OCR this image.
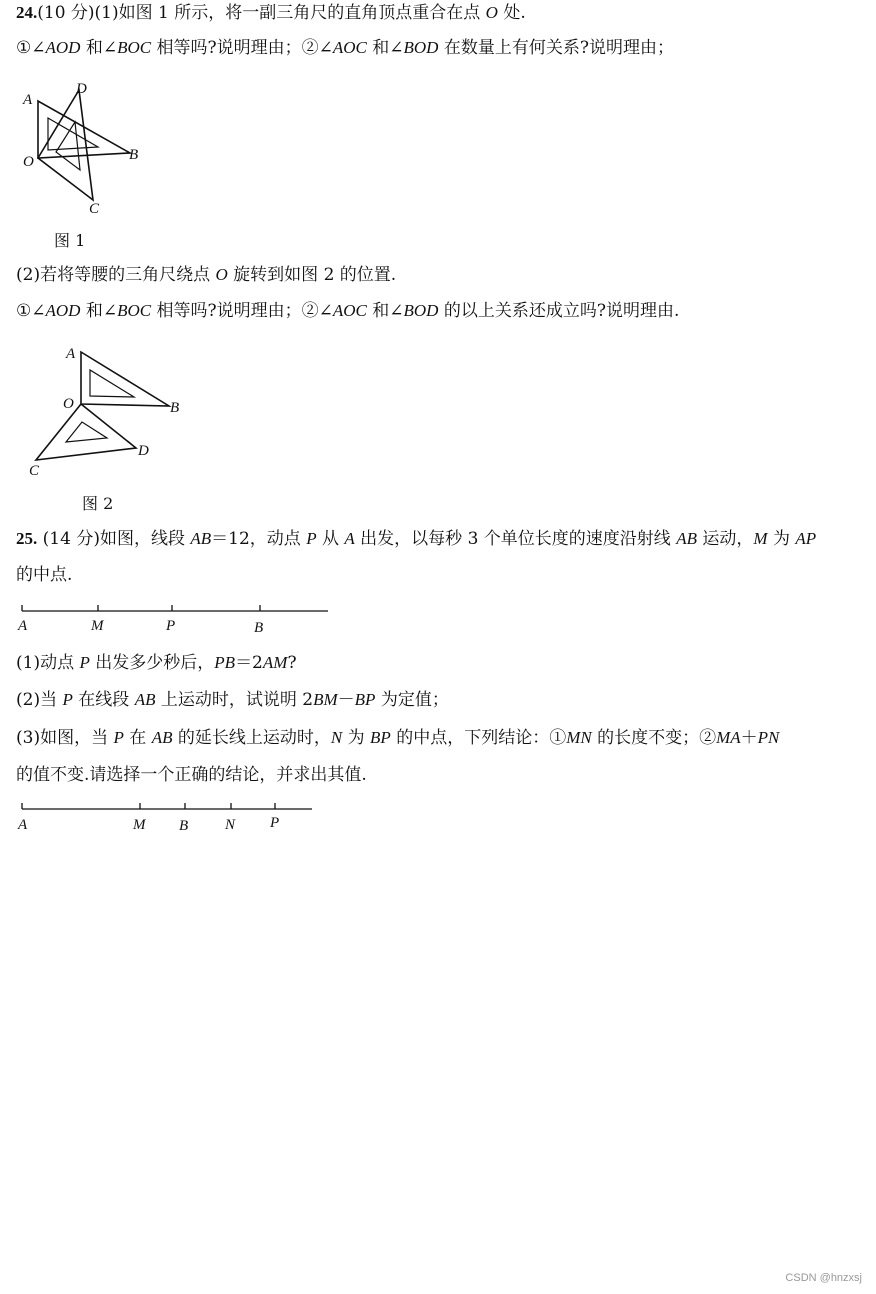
24.(10 分)(1)如图 1 所示，将一副三角尺的直角顶点重合在点 O 处.
①∠AOD 和∠BOC 相等吗?说明理由；②∠AOC 和∠BOD 在数量上有何关系?说明理由；
A
D
O	B
C
图 1
(2)若将等腰的三角尺绕点 O 旋转到如图 2 的位置.
①∠AOD 和∠BOC 相等吗?说明理由；②∠AOC 和∠BOD 的以上关系还成立吗?说明理由.
A
O	B
C
D
图 2
25. (14 分)如图，线段 AB＝12，动点 P 从 A 出发，以每秒 3 个单位长度的速度沿射线 AB 运动，M 为 AP
的中点.
A	M	P	B
(1)动点 P 出发多少秒后，PB＝2AM?
(2)当 P 在线段 AB 上运动时，试说明 2BM－BP 为定值；
(3)如图，当 P 在 AB 的延长线上运动时，N 为 BP 的中点，下列结论：①MN 的长度不变；②MA＋PN
的值不变.请选择一个正确的结论，并求出其值.
A	M B N P
CSDN @hnzxsj
